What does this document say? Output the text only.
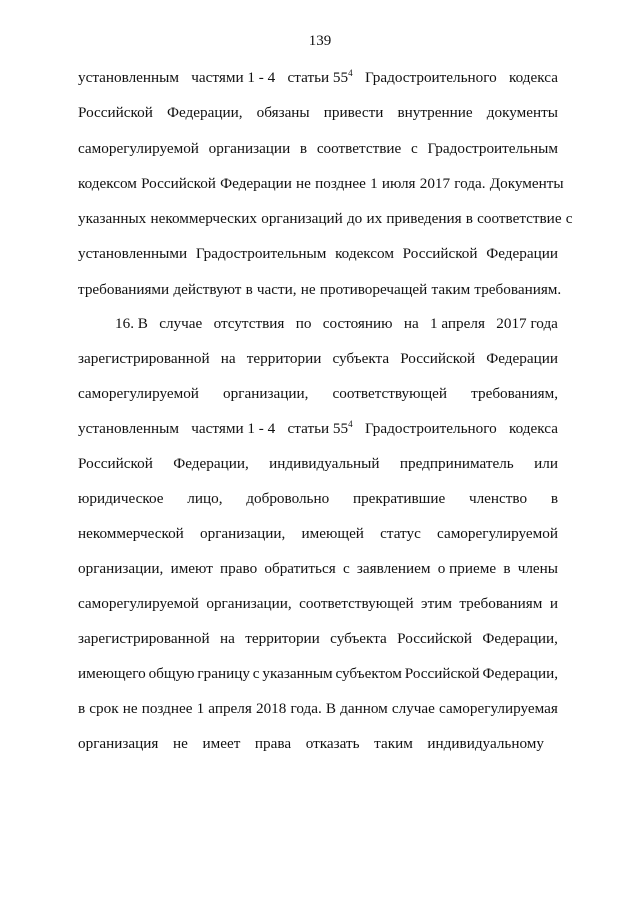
139
установленным частями 1 - 4 статьи $55^4$ Градостроительного кодекса
Российской Федерации, обязаны привести внутренние документы
саморегулируемой организации в соответствие с Градостроительным
кодексом Российской Федерации не позднее 1 июля 2017 года. Документы
указанных некоммерческих организаций до их приведения в соответствие с
установленными Градостроительным кодексом Российской Федерации
требованиями действуют в части, не противоречащей таким требованиям.
16. В случае отсутствия по состоянию на 1 апреля 2017 года
зарегистрированной на территории субъекта Российской Федерации
саморегулируемой организации, соответствующей требованиям,
установленным частями 1 - 4 статьи $55^4$ Градостроительного кодекса
Российской Федерации, индивидуальный предприниматель или
юридическое лицо, добровольно прекратившие членство в
некоммерческой организации, имеющей статус саморегулируемой
организации, имеют право обратиться с заявлением о приеме в члены
саморегулируемой организации, соответствующей этим требованиям и
зарегистрированной на территории субъекта Российской Федерации,
имеющего общую границу с указанным субъектом Российской Федерации,
в срок не позднее 1 апреля 2018 года. В данном случае саморегулируемая
организация не имеет права отказать таким индивидуальному
